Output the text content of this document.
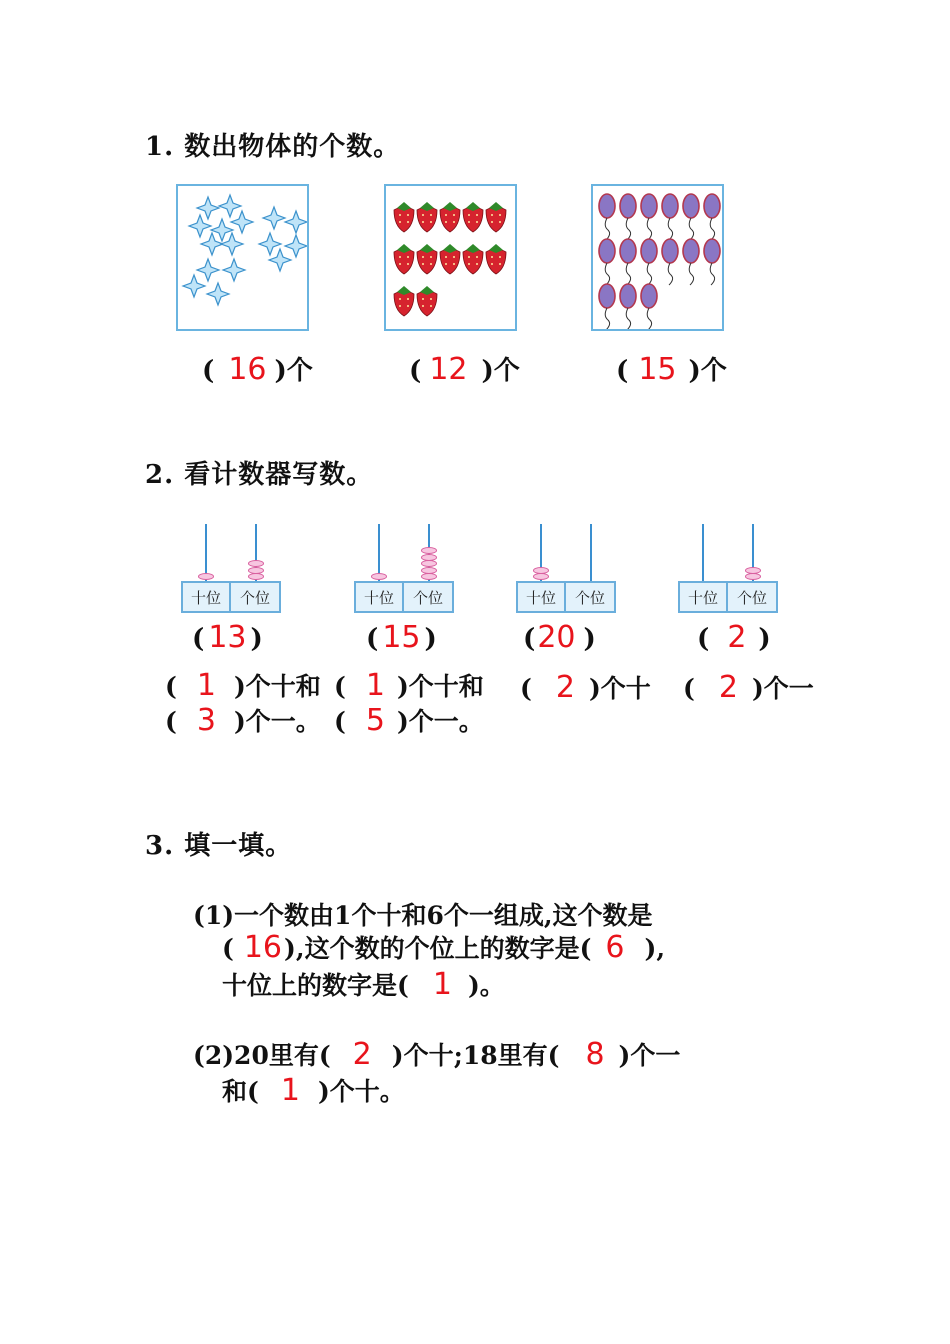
1. 数出物体的个数。
( 16 )个	( 12 )个	( 15 )个
2. 看计数器写数。
十位	个位	十位	个位	十位	个位	十位	个位
( 13 )	( 15 )	(20 )	( 2 )
( 1 )个十和
( 3 )个一。
( 1 )个十和
( 5 )个一。
( 2 )个十 ( 2 )个一
3. 填一填。
(1)一个数由1个十和6个一组成,这个数是
( 16),这个数的个位上的数字是( 6 ),
十位上的数字是( 1 )。
(2)20里有( 2 )个十;18里有( 8 )个一
和( 1 )个十。
